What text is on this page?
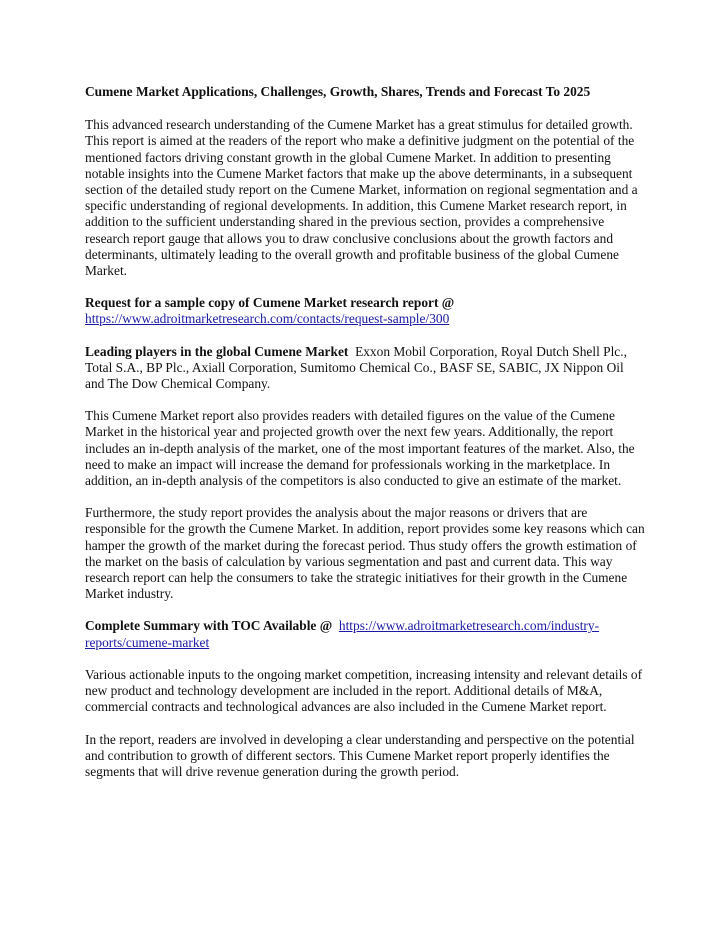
Cumene Market Applications, Challenges, Growth, Shares, Trends and Forecast To 2025

This advanced research understanding of the Cumene Market has a great stimulus for detailed growth. This report is aimed at the readers of the report who make a definitive judgment on the potential of the mentioned factors driving constant growth in the global Cumene Market. In addition to presenting notable insights into the Cumene Market factors that make up the above determinants, in a subsequent section of the detailed study report on the Cumene Market, information on regional segmentation and a specific understanding of regional developments. In addition, this Cumene Market research report, in addition to the sufficient understanding shared in the previous section, provides a comprehensive research report gauge that allows you to draw conclusive conclusions about the growth factors and determinants, ultimately leading to the overall growth and profitable business of the global Cumene Market.

Request for a sample copy of Cumene Market research report @
https://www.adroitmarketresearch.com/contacts/request-sample/300

Leading players in the global Cumene Market Exxon Mobil Corporation, Royal Dutch Shell Plc., Total S.A., BP Plc., Axiall Corporation, Sumitomo Chemical Co., BASF SE, SABIC, JX Nippon Oil and The Dow Chemical Company.

This Cumene Market report also provides readers with detailed figures on the value of the Cumene Market in the historical year and projected growth over the next few years. Additionally, the report includes an in-depth analysis of the market, one of the most important features of the market. Also, the need to make an impact will increase the demand for professionals working in the marketplace. In addition, an in-depth analysis of the competitors is also conducted to give an estimate of the market.

Furthermore, the study report provides the analysis about the major reasons or drivers that are responsible for the growth the Cumene Market. In addition, report provides some key reasons which can hamper the growth of the market during the forecast period. Thus study offers the growth estimation of the market on the basis of calculation by various segmentation and past and current data. This way research report can help the consumers to take the strategic initiatives for their growth in the Cumene Market industry.

Complete Summary with TOC Available @ https://www.adroitmarketresearch.com/industry-reports/cumene-market

Various actionable inputs to the ongoing market competition, increasing intensity and relevant details of new product and technology development are included in the report. Additional details of M&A, commercial contracts and technological advances are also included in the Cumene Market report.

In the report, readers are involved in developing a clear understanding and perspective on the potential and contribution to growth of different sectors. This Cumene Market report properly identifies the segments that will drive revenue generation during the growth period.
